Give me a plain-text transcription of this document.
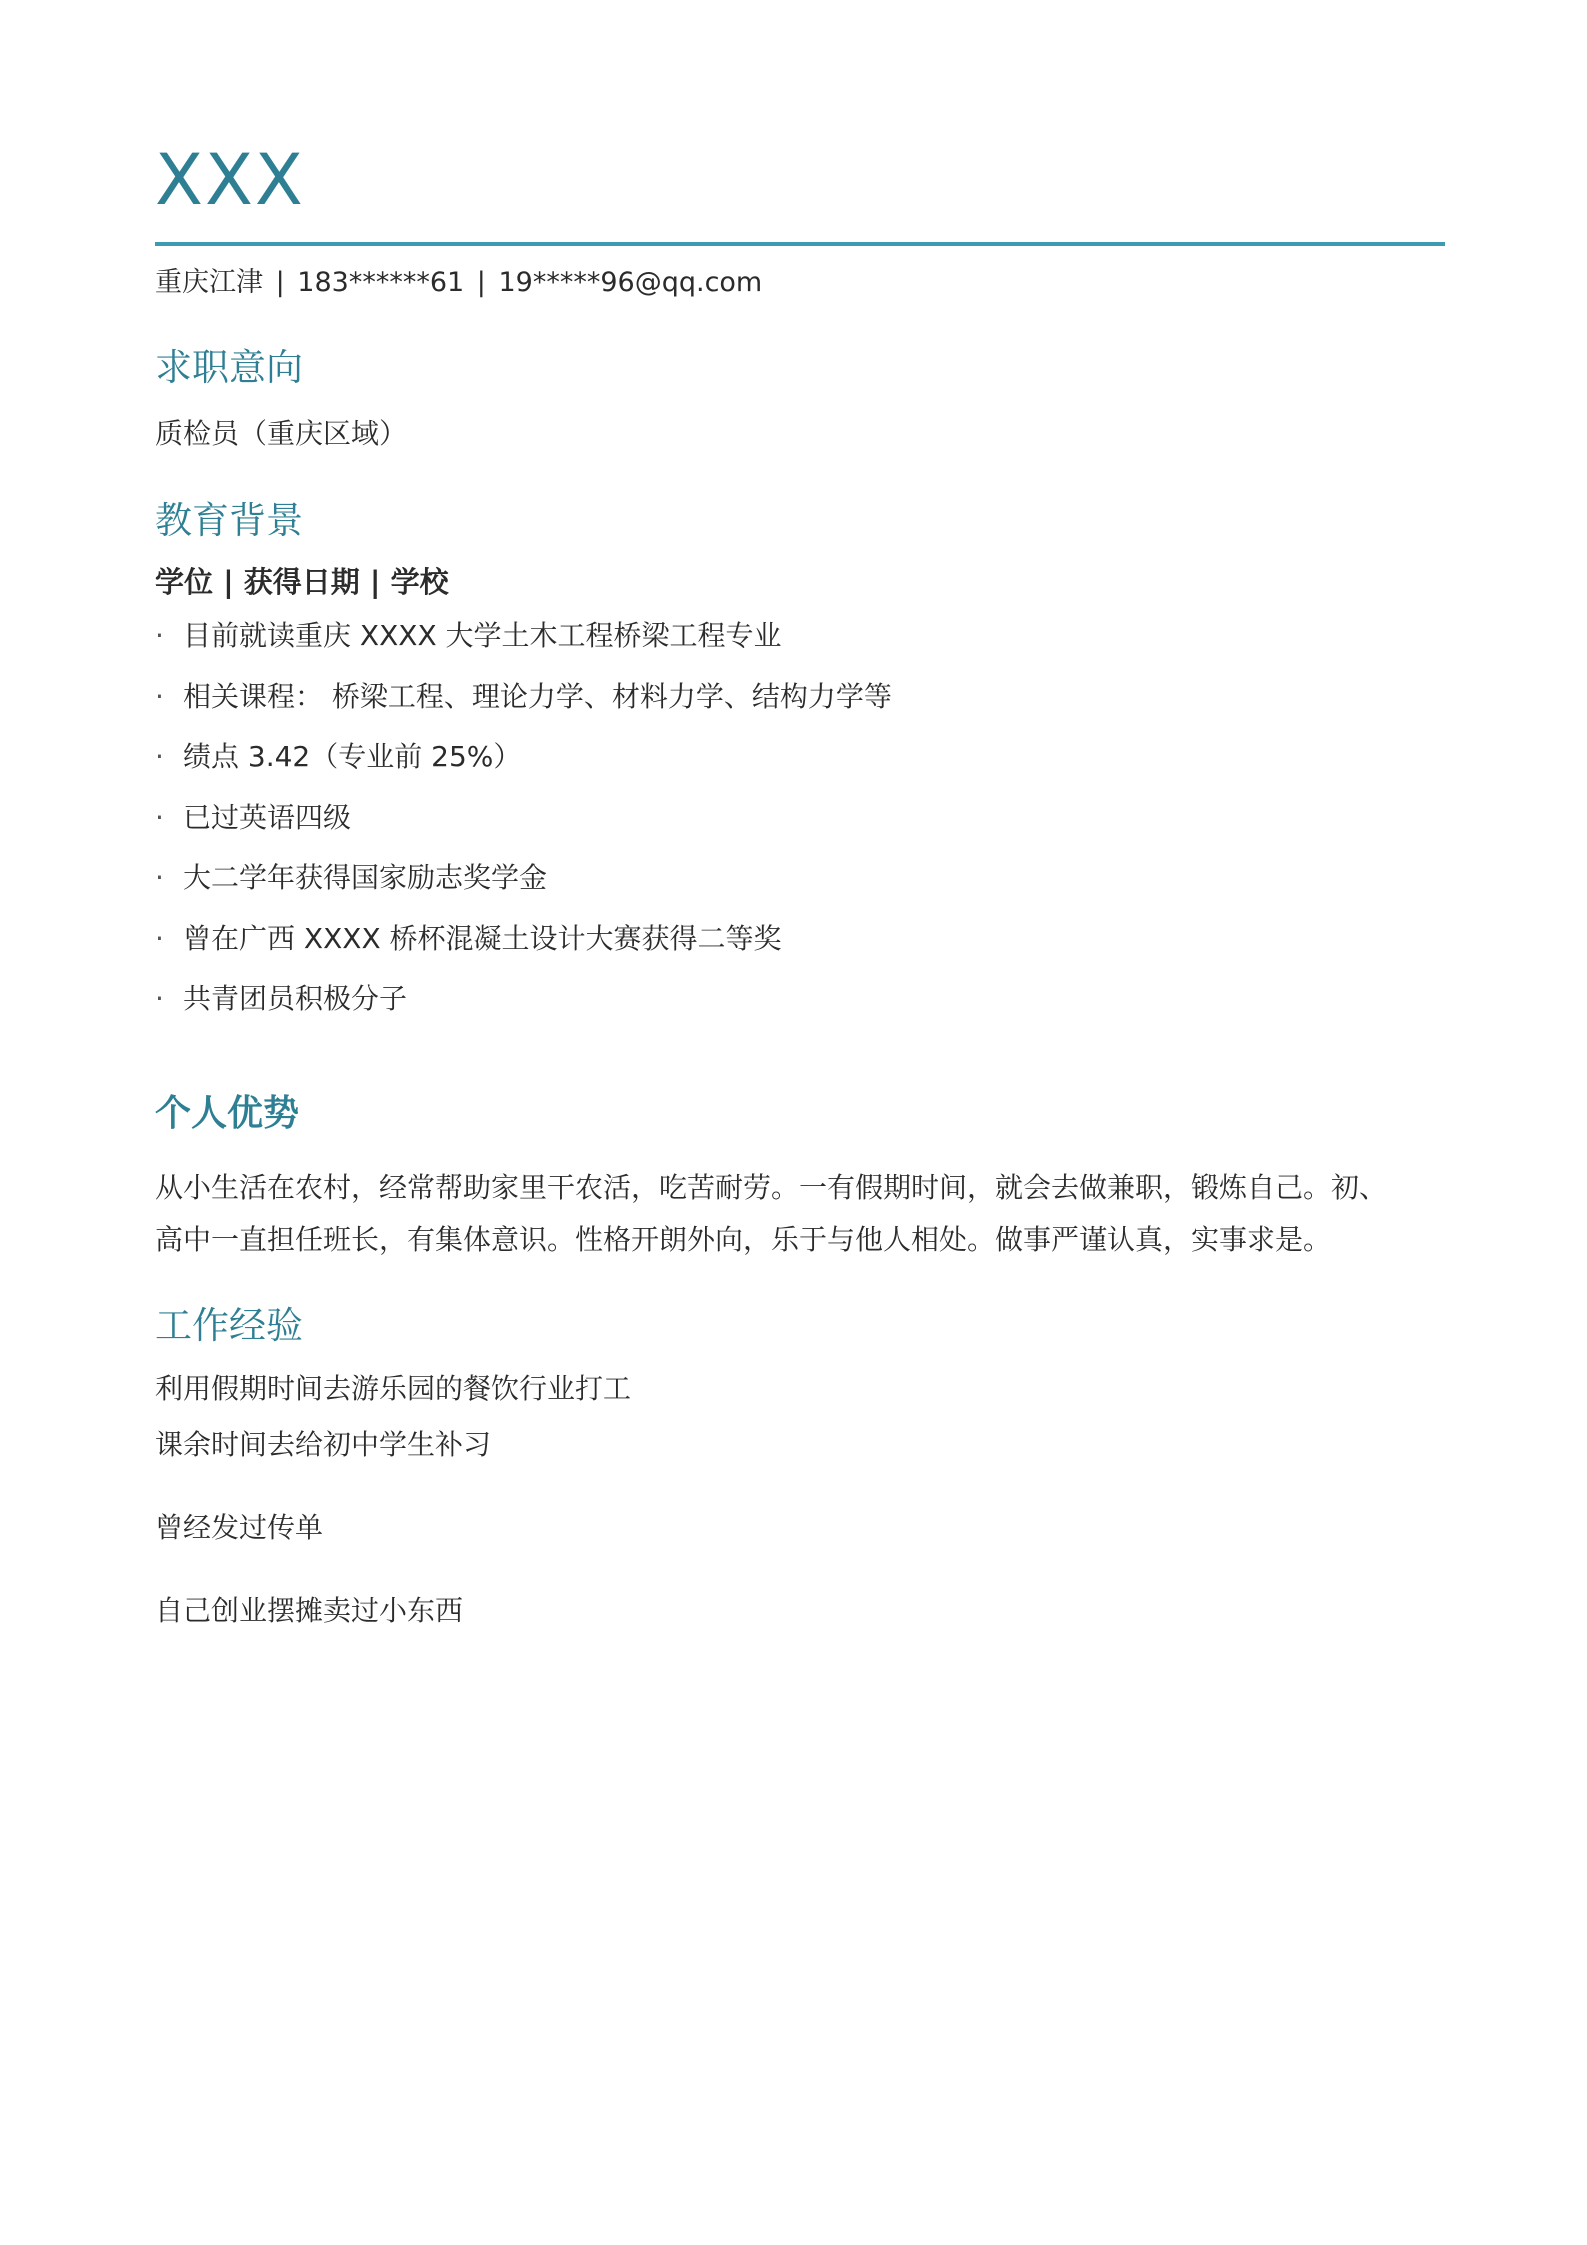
XXX
重庆江津 | 183******61 | 19*****96@qq.com
求职意向
质检员（重庆区域）
教育背景
学位 | 获得日期 | 学校
· 目前就读重庆 XXXX 大学土木工程桥梁工程专业
· 相关课程： 桥梁工程、理论力学、材料力学、结构力学等
· 绩点 3.42（专业前 25%）
· 已过英语四级
· 大二学年获得国家励志奖学金
· 曾在广西 XXXX 桥杯混凝土设计大赛获得二等奖
· 共青团员积极分子
个人优势
从小生活在农村，经常帮助家里干农活，吃苦耐劳。一有假期时间，就会去做兼职，锻炼自己。初、
高中一直担任班长，有集体意识。性格开朗外向，乐于与他人相处。做事严谨认真，实事求是。
工作经验
利用假期时间去游乐园的餐饮行业打工
课余时间去给初中学生补习
曾经发过传单
自己创业摆摊卖过小东西
